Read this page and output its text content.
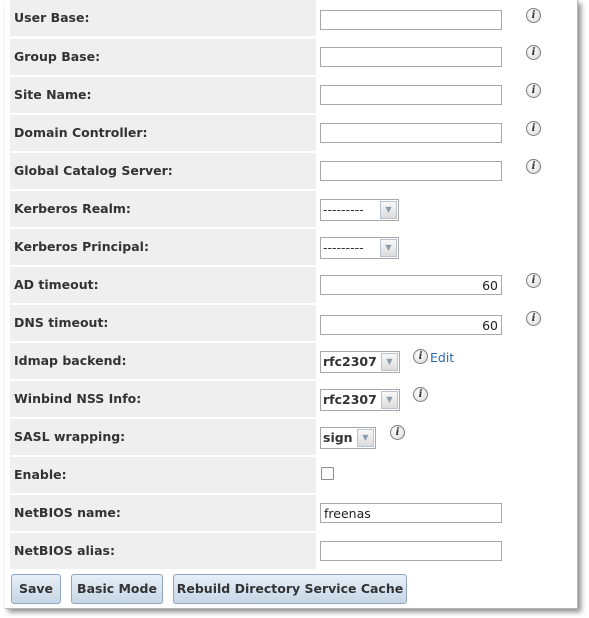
User Base:	i
Group Base:	i
Site Name:	i
Domain Controller:	i
Global Catalog Server:	i
Kerberos Realm:	---------	▼
Kerberos Principal:	---------	▼
AD timeout:
60	i
DNS timeout:
60	i
Idmap backend:	rfc2307	▼	i Edit
Winbind NSS Info:	rfc2307	▼	i
SASL wrapping:	sign	▼	i
Enable:
NetBIOS name:
freenas
NetBIOS alias:
Save	Basic Mode	Rebuild Directory Service Cache
